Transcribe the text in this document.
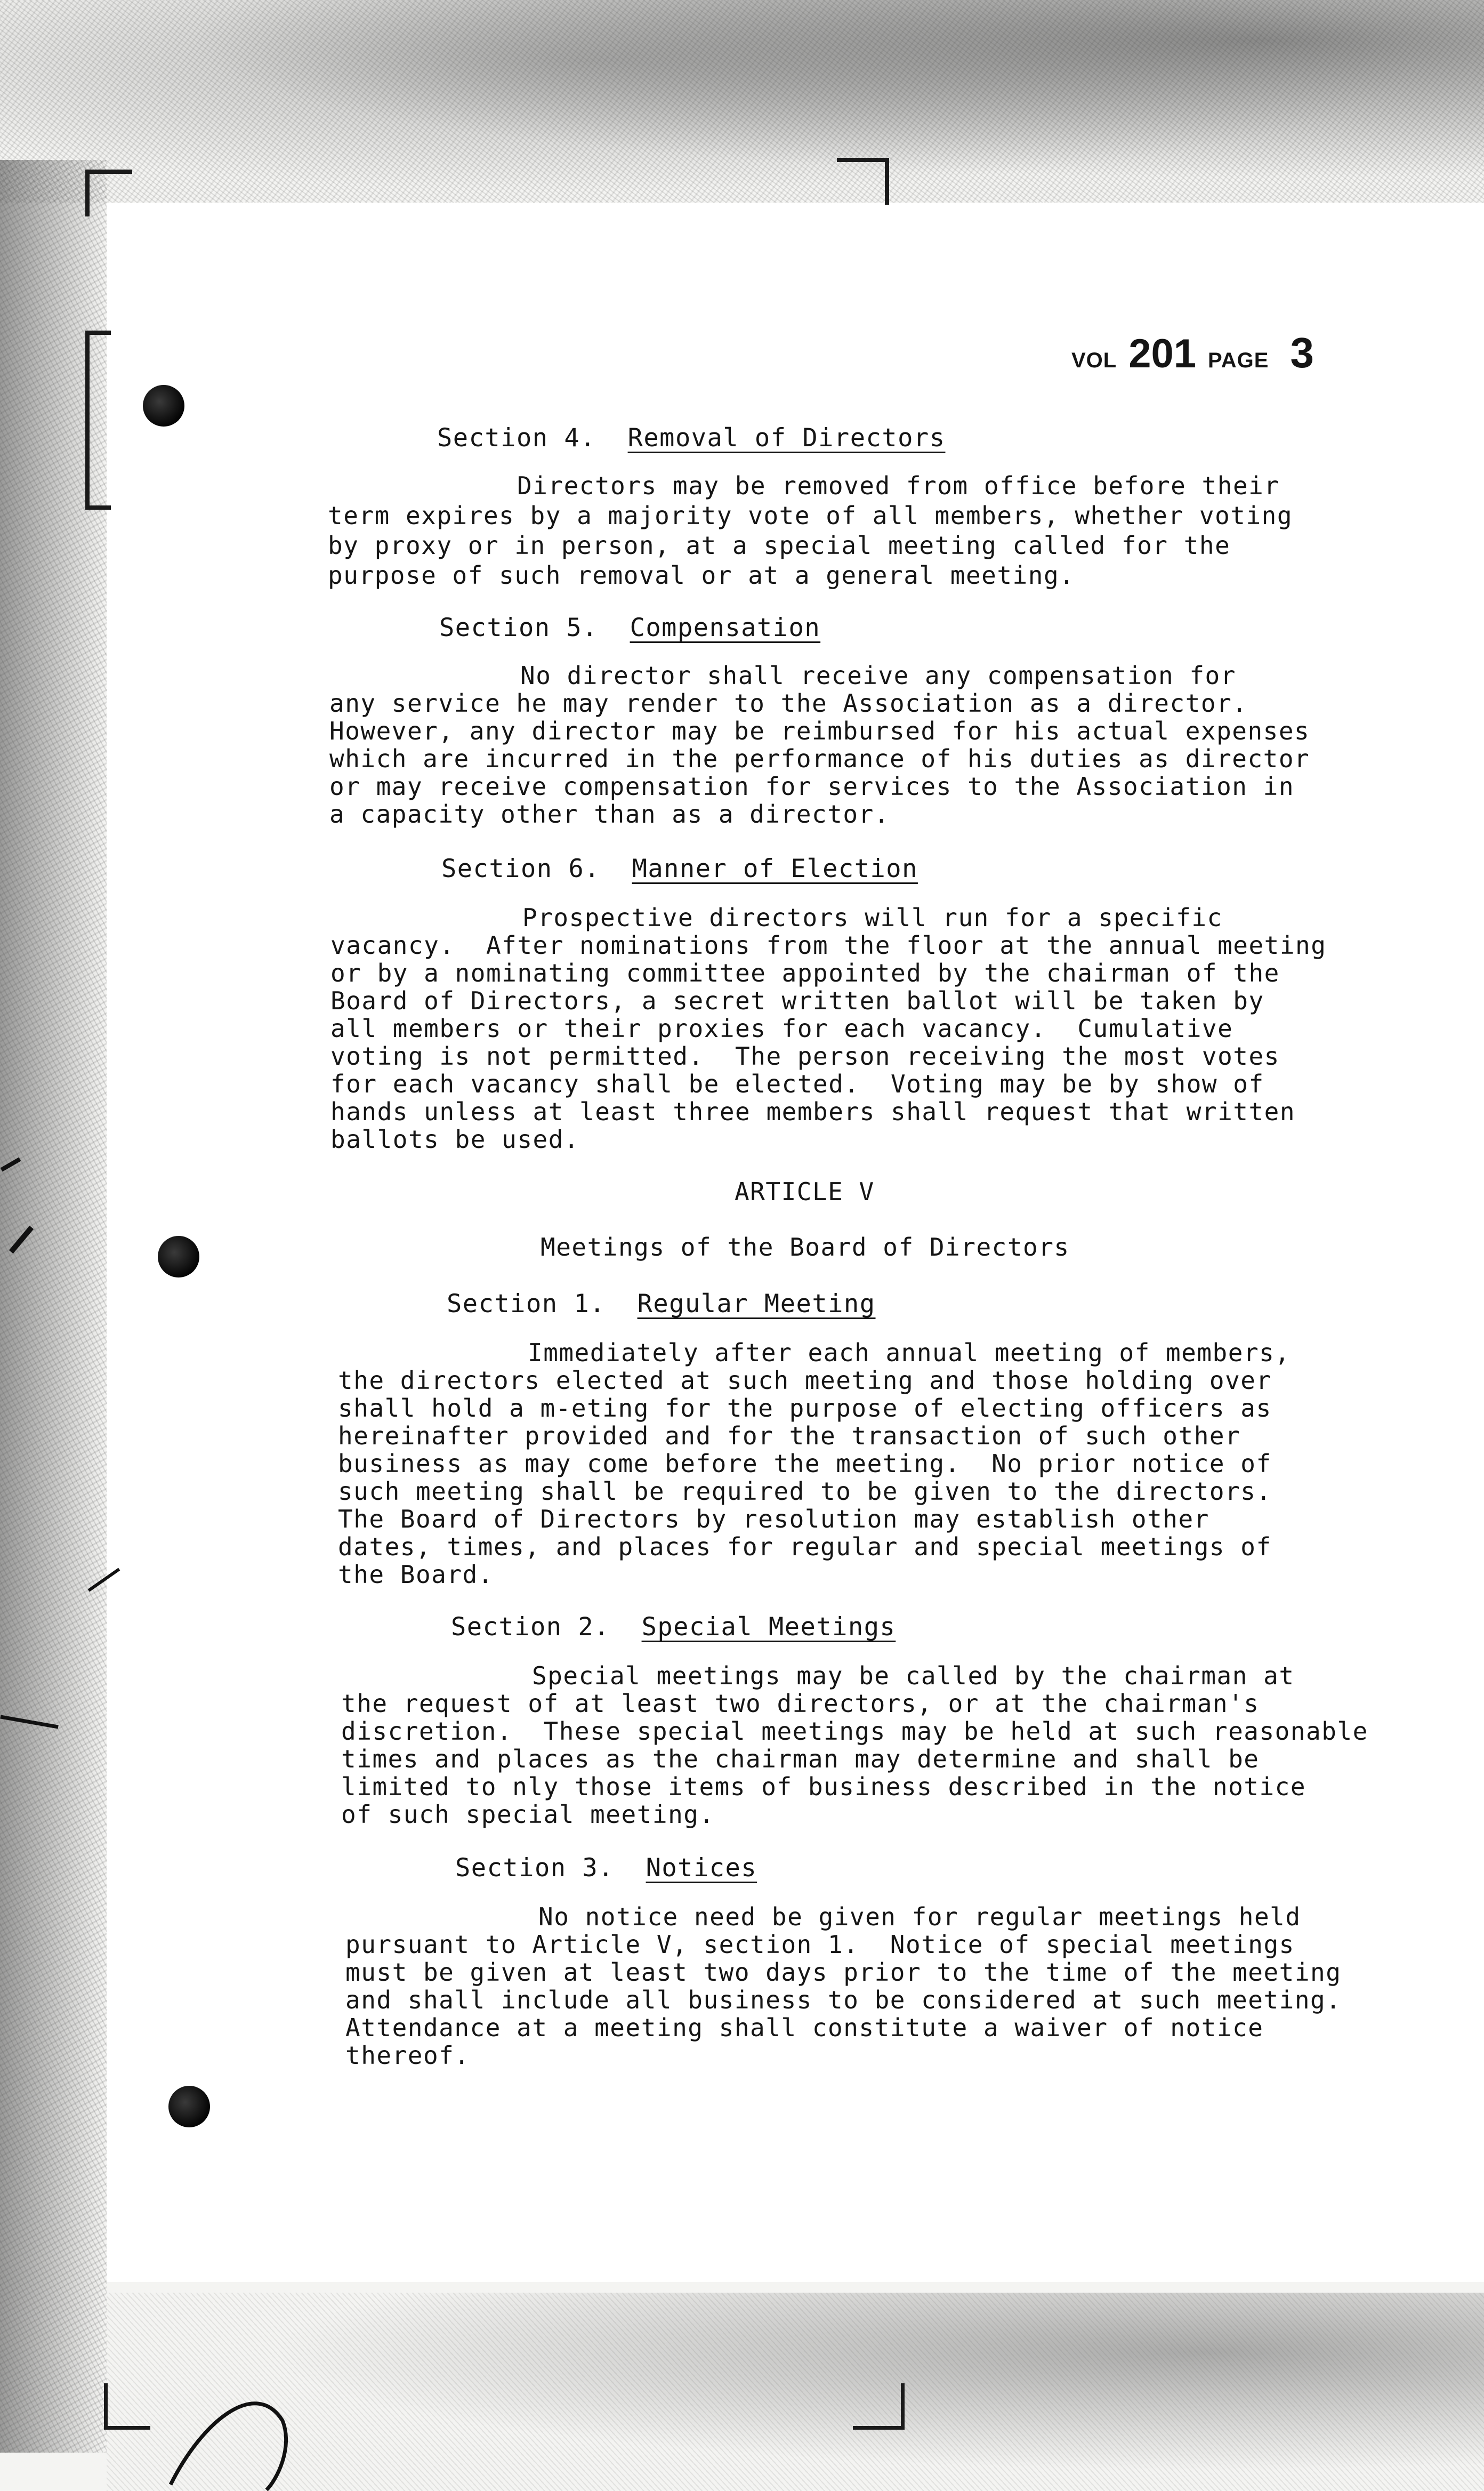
VOL 201 PAGE 3
Section 4. Removal of Directors
Directors may be removed from office before their
term expires by a majority vote of all members, whether voting
by proxy or in person, at a special meeting called for the
purpose of such removal or at a general meeting.
Section 5. Compensation
No director shall receive any compensation for
any service he may render to the Association as a director.
However, any director may be reimbursed for his actual expenses
which are incurred in the performance of his duties as director
or may receive compensation for services to the Association in
a capacity other than as a director.
Section 6. Manner of Election
Prospective directors will run for a specific
vacancy.  After nominations from the floor at the annual meeting
or by a nominating committee appointed by the chairman of the
Board of Directors, a secret written ballot will be taken by
all members or their proxies for each vacancy.  Cumulative
voting is not permitted.  The person receiving the most votes
for each vacancy shall be elected.  Voting may be by show of
hands unless at least three members shall request that written
ballots be used.
ARTICLE V
Meetings of the Board of Directors
Section 1. Regular Meeting
Immediately after each annual meeting of members,
the directors elected at such meeting and those holding over
shall hold a m-eting for the purpose of electing officers as
hereinafter provided and for the transaction of such other
business as may come before the meeting.  No prior notice of
such meeting shall be required to be given to the directors.
The Board of Directors by resolution may establish other
dates, times, and places for regular and special meetings of
the Board.
Section 2. Special Meetings
Special meetings may be called by the chairman at
the request of at least two directors, or at the chairman's
discretion.  These special meetings may be held at such reasonable
times and places as the chairman may determine and shall be
limited to nly those items of business described in the notice
of such special meeting.
Section 3. Notices
No notice need be given for regular meetings held
pursuant to Article V, section 1.  Notice of special meetings
must be given at least two days prior to the time of the meeting
and shall include all business to be considered at such meeting.
Attendance at a meeting shall constitute a waiver of notice
thereof.
